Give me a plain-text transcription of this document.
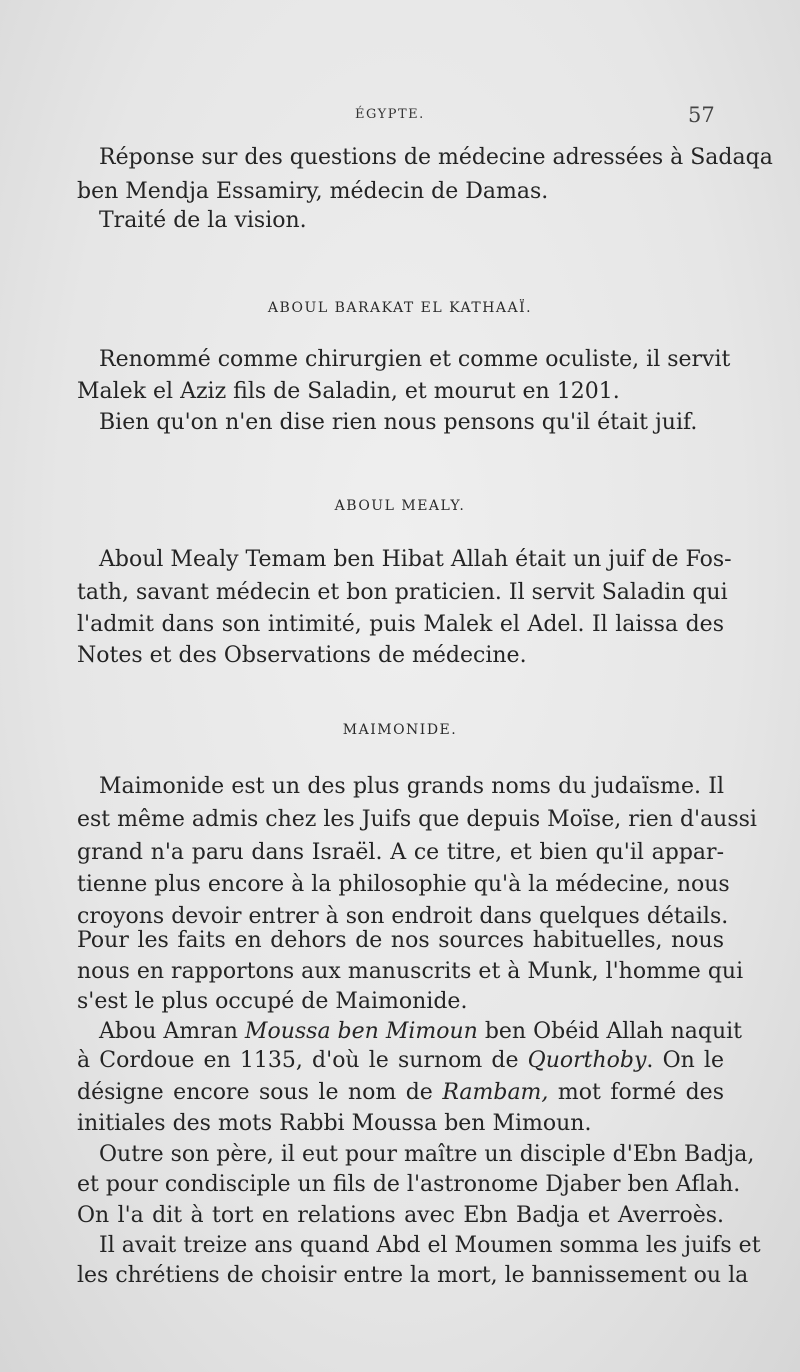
ÉGYPTE.	57
Réponse sur des questions de médecine adressées à Sadaqa
ben Mendja Essamiry, médecin de Damas.
Traité de la vision.
ABOUL BARAKAT EL KATHAAÏ.
Renommé comme chirurgien et comme oculiste, il servit
Malek el Aziz fils de Saladin, et mourut en 1201.
Bien qu'on n'en dise rien nous pensons qu'il était juif.
ABOUL MEALY.
Aboul Mealy Temam ben Hibat Allah était un juif de Fos-
tath, savant médecin et bon praticien. Il servit Saladin qui
l'admit dans son intimité, puis Malek el Adel. Il laissa des
Notes et des Observations de médecine.
MAIMONIDE.
Maimonide est un des plus grands noms du judaïsme. Il
est même admis chez les Juifs que depuis Moïse, rien d'aussi
grand n'a paru dans Israël. A ce titre, et bien qu'il appar-
tienne plus encore à la philosophie qu'à la médecine, nous
croyons devoir entrer à son endroit dans quelques détails.
Pour les faits en dehors de nos sources habituelles, nous
nous en rapportons aux manuscrits et à Munk, l'homme qui
s'est le plus occupé de Maimonide.
Abou Amran Moussa ben Mimoun ben Obéid Allah naquit
à Cordoue en 1135, d'où le surnom de Quorthoby. On le
désigne encore sous le nom de Rambam, mot formé des
initiales des mots Rabbi Moussa ben Mimoun.
Outre son père, il eut pour maître un disciple d'Ebn Badja,
et pour condisciple un fils de l'astronome Djaber ben Aflah.
On l'a dit à tort en relations avec Ebn Badja et Averroès.
Il avait treize ans quand Abd el Moumen somma les juifs et
les chrétiens de choisir entre la mort, le bannissement ou la
